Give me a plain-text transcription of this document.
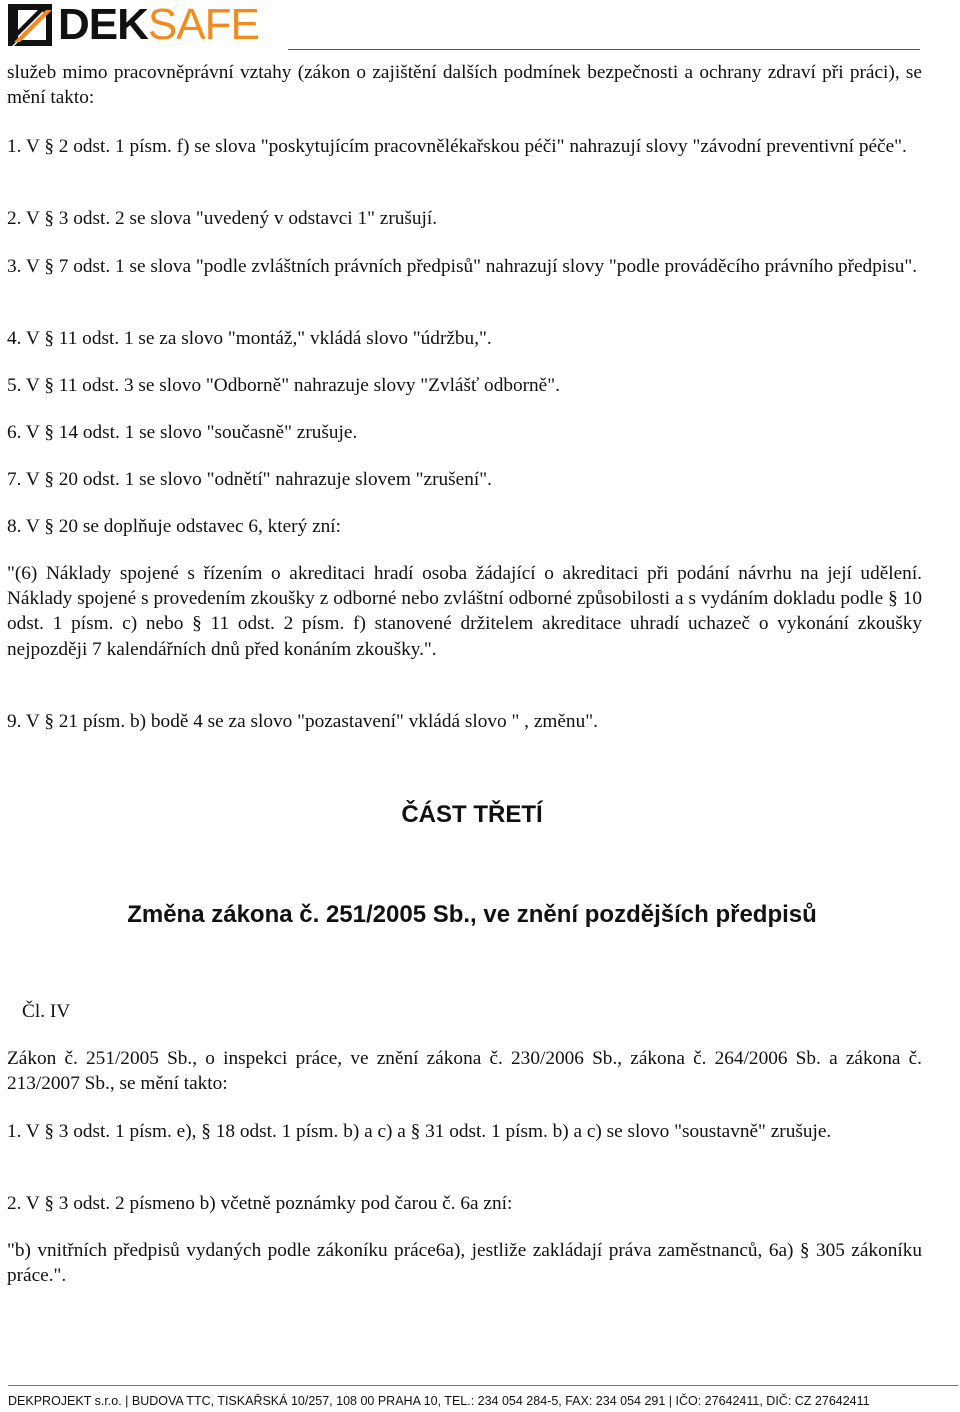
DEKSAFE

služeb mimo pracovněprávní vztahy (zákon o zajištění dalších podmínek bezpečnosti a ochrany zdraví při práci), se mění takto:

1. V § 2 odst. 1 písm. f) se slova "poskytujícím pracovnělékařskou péči" nahrazují slovy "závodní preventivní péče".

2. V § 3 odst. 2 se slova "uvedený v odstavci 1" zrušují.

3. V § 7 odst. 1 se slova "podle zvláštních právních předpisů" nahrazují slovy "podle prováděcího právního předpisu".

4. V § 11 odst. 1 se za slovo "montáž," vkládá slovo "údržbu,".

5. V § 11 odst. 3 se slovo "Odborně" nahrazuje slovy "Zvlášť odborně".

6. V § 14 odst. 1 se slovo "současně" zrušuje.

7. V § 20 odst. 1 se slovo "odnětí" nahrazuje slovem "zrušení".

8. V § 20 se doplňuje odstavec 6, který zní:

"(6) Náklady spojené s řízením o akreditaci hradí osoba žádající o akreditaci při podání návrhu na její udělení. Náklady spojené s provedením zkoušky z odborné nebo zvláštní odborné způsobilosti a s vydáním dokladu podle § 10 odst. 1 písm. c) nebo § 11 odst. 2 písm. f) stanovené držitelem akreditace uhradí uchazeč o vykonání zkoušky nejpozději 7 kalendářních dnů před konáním zkoušky.".

9. V § 21 písm. b) bodě 4 se za slovo "pozastavení" vkládá slovo " , změnu".

ČÁST TŘETÍ
Změna zákona č. 251/2005 Sb., ve znění pozdějších předpisů

Čl. IV

Zákon č. 251/2005 Sb., o inspekci práce, ve znění zákona č. 230/2006 Sb., zákona č. 264/2006 Sb. a zákona č. 213/2007 Sb., se mění takto:

1. V § 3 odst. 1 písm. e), § 18 odst. 1 písm. b) a c) a § 31 odst. 1 písm. b) a c) se slovo "soustavně" zrušuje.

2. V § 3 odst. 2 písmeno b) včetně poznámky pod čarou č. 6a zní:

"b) vnitřních předpisů vydaných podle zákoníku práce6a), jestliže zakládají práva zaměstnanců, 6a) § 305 zákoníku práce.".

DEKPROJEKT s.r.o. | BUDOVA TTC, TISKAŘSKÁ 10/257, 108 00 PRAHA 10, TEL.: 234 054 284-5, FAX: 234 054 291 | IČO: 27642411, DIČ: CZ 27642411
